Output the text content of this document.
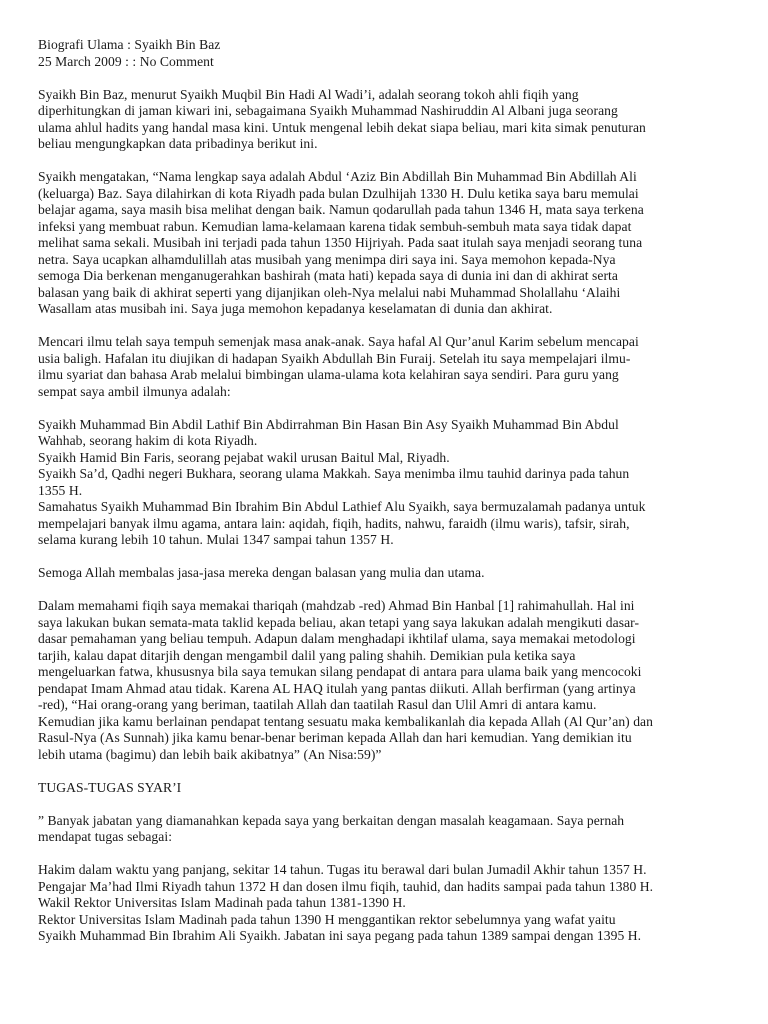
Biografi Ulama : Syaikh Bin Baz
25 March 2009 : : No Comment

Syaikh Bin Baz, menurut Syaikh Muqbil Bin Hadi Al Wadi’i, adalah seorang tokoh ahli fiqih yang
diperhitungkan di jaman kiwari ini, sebagaimana Syaikh Muhammad Nashiruddin Al Albani juga seorang
ulama ahlul hadits yang handal masa kini. Untuk mengenal lebih dekat siapa beliau, mari kita simak penuturan
beliau mengungkapkan data pribadinya berikut ini.

Syaikh mengatakan, “Nama lengkap saya adalah Abdul ‘Aziz Bin Abdillah Bin Muhammad Bin Abdillah Ali
(keluarga) Baz. Saya dilahirkan di kota Riyadh pada bulan Dzulhijah 1330 H. Dulu ketika saya baru memulai
belajar agama, saya masih bisa melihat dengan baik. Namun qodarullah pada tahun 1346 H, mata saya terkena
infeksi yang membuat rabun. Kemudian lama-kelamaan karena tidak sembuh-sembuh mata saya tidak dapat
melihat sama sekali. Musibah ini terjadi pada tahun 1350 Hijriyah. Pada saat itulah saya menjadi seorang tuna
netra. Saya ucapkan alhamdulillah atas musibah yang menimpa diri saya ini. Saya memohon kepada-Nya
semoga Dia berkenan menganugerahkan bashirah (mata hati) kepada saya di dunia ini dan di akhirat serta
balasan yang baik di akhirat seperti yang dijanjikan oleh-Nya melalui nabi Muhammad Sholallahu ‘Alaihi
Wasallam atas musibah ini. Saya juga memohon kepadanya keselamatan di dunia dan akhirat.

Mencari ilmu telah saya tempuh semenjak masa anak-anak. Saya hafal Al Qur’anul Karim sebelum mencapai
usia baligh. Hafalan itu diujikan di hadapan Syaikh Abdullah Bin Furaij. Setelah itu saya mempelajari ilmu-
ilmu syariat dan bahasa Arab melalui bimbingan ulama-ulama kota kelahiran saya sendiri. Para guru yang
sempat saya ambil ilmunya adalah:

Syaikh Muhammad Bin Abdil Lathif Bin Abdirrahman Bin Hasan Bin Asy Syaikh Muhammad Bin Abdul
Wahhab, seorang hakim di kota Riyadh.
Syaikh Hamid Bin Faris, seorang pejabat wakil urusan Baitul Mal, Riyadh.
Syaikh Sa’d, Qadhi negeri Bukhara, seorang ulama Makkah. Saya menimba ilmu tauhid darinya pada tahun
1355 H.
Samahatus Syaikh Muhammad Bin Ibrahim Bin Abdul Lathief Alu Syaikh, saya bermuzalamah padanya untuk
mempelajari banyak ilmu agama, antara lain: aqidah, fiqih, hadits, nahwu, faraidh (ilmu waris), tafsir, sirah,
selama kurang lebih 10 tahun. Mulai 1347 sampai tahun 1357 H.

Semoga Allah membalas jasa-jasa mereka dengan balasan yang mulia dan utama.

Dalam memahami fiqih saya memakai thariqah (mahdzab -red) Ahmad Bin Hanbal [1] rahimahullah. Hal ini
saya lakukan bukan semata-mata taklid kepada beliau, akan tetapi yang saya lakukan adalah mengikuti dasar-
dasar pemahaman yang beliau tempuh. Adapun dalam menghadapi ikhtilaf ulama, saya memakai metodologi
tarjih, kalau dapat ditarjih dengan mengambil dalil yang paling shahih. Demikian pula ketika saya
mengeluarkan fatwa, khususnya bila saya temukan silang pendapat di antara para ulama baik yang mencocoki
pendapat Imam Ahmad atau tidak. Karena AL HAQ itulah yang pantas diikuti. Allah berfirman (yang artinya
-red), “Hai orang-orang yang beriman, taatilah Allah dan taatilah Rasul dan Ulil Amri di antara kamu.
Kemudian jika kamu berlainan pendapat tentang sesuatu maka kembalikanlah dia kepada Allah (Al Qur’an) dan
Rasul-Nya (As Sunnah) jika kamu benar-benar beriman kepada Allah dan hari kemudian. Yang demikian itu
lebih utama (bagimu) dan lebih baik akibatnya” (An Nisa:59)”

TUGAS-TUGAS SYAR’I

” Banyak jabatan yang diamanahkan kepada saya yang berkaitan dengan masalah keagamaan. Saya pernah
mendapat tugas sebagai:

Hakim dalam waktu yang panjang, sekitar 14 tahun. Tugas itu berawal dari bulan Jumadil Akhir tahun 1357 H.
Pengajar Ma’had Ilmi Riyadh tahun 1372 H dan dosen ilmu fiqih, tauhid, dan hadits sampai pada tahun 1380 H.
Wakil Rektor Universitas Islam Madinah pada tahun 1381-1390 H.
Rektor Universitas Islam Madinah pada tahun 1390 H menggantikan rektor sebelumnya yang wafat yaitu
Syaikh Muhammad Bin Ibrahim Ali Syaikh. Jabatan ini saya pegang pada tahun 1389 sampai dengan 1395 H.
